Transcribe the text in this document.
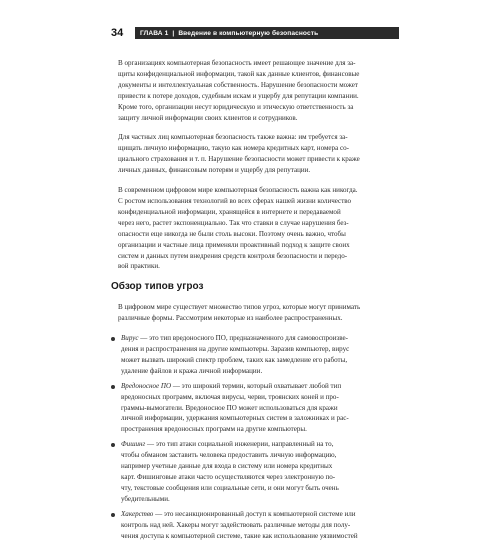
34	ГЛАВА 1 | Введение в компьютерную безопасность

В организациях компьютерная безопасность имеет решающее значение для за-
щиты конфиденциальной информации, такой как данные клиентов, финансовые
документы и интеллектуальная собственность. Нарушение безопасности может
привести к потере доходов, судебным искам и ущербу для репутации компании.
Кроме того, организации несут юридическую и этическую ответственность за
защиту личной информации своих клиентов и сотрудников.

Для частных лиц компьютерная безопасность также важна: им требуется за-
щищать личную информацию, такую как номера кредитных карт, номера со-
циального страхования и т. п. Нарушение безопасности может привести к краже
личных данных, финансовым потерям и ущербу для репутации.

В современном цифровом мире компьютерная безопасность важна как никогда.
С ростом использования технологий во всех сферах нашей жизни количество
конфиденциальной информации, хранящейся в интернете и передаваемой
через него, растет экспоненциально. Так что ставки в случае нарушения без-
опасности еще никогда не были столь высоки. Поэтому очень важно, чтобы
организации и частные лица применяли проактивный подход к защите своих
систем и данных путем внедрения средств контроля безопасности и передо-
вой практики.

Обзор типов угроз

В цифровом мире существует множество типов угроз, которые могут принимать
различные формы. Рассмотрим некоторые из наиболее распространенных.

Вирус — это тип вредоносного ПО, предназначенного для самовоспроизве-
дения и распространения на другие компьютеры. Заразив компьютер, вирус
может вызвать широкий спектр проблем, таких как замедление его работы,
удаление файлов и кража личной информации.
Вредоносное ПО — это широкий термин, который охватывает любой тип
вредоносных программ, включая вирусы, черви, троянских коней и про-
граммы-вымогатели. Вредоносное ПО может использоваться для кражи
личной информации, удержания компьютерных систем в заложниках и рас-
пространения вредоносных программ на другие компьютеры.
Фишинг — это тип атаки социальной инженерии, направленный на то,
чтобы обманом заставить человека предоставить личную информацию,
например учетные данные для входа в систему или номера кредитных
карт. Фишинговые атаки часто осуществляются через электронную по-
чту, текстовые сообщения или социальные сети, и они могут быть очень
убедительными.
Хакерство — это несанкционированный доступ к компьютерной системе или
контроль над ней. Хакеры могут задействовать различные методы для полу-
чения доступа к компьютерной системе, такие как использование уязвимостей
